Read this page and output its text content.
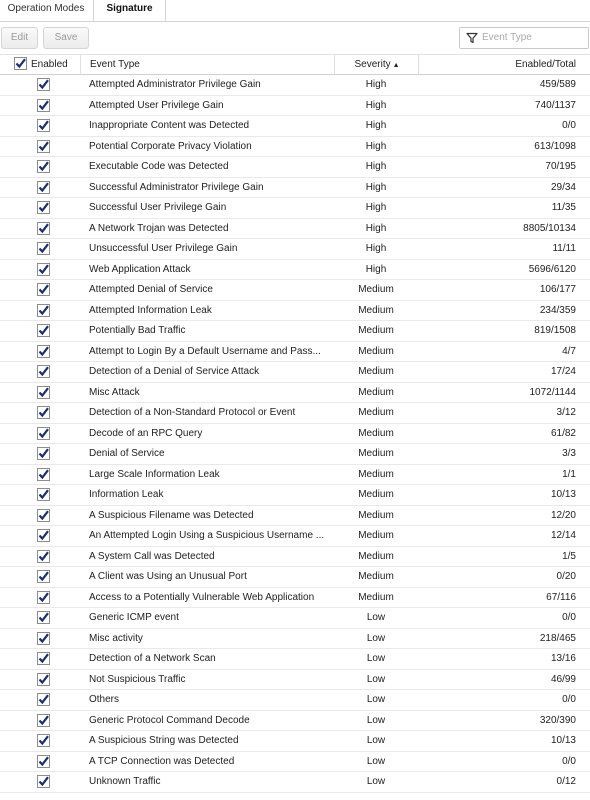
Operation Modes	Signature
Edit	Save
Event Type
Enabled	Event Type	Severity ▲	Enabled/Total
Attempted Administrator Privilege Gain	High	459/589
Attempted User Privilege Gain	High	740/1137
Inappropriate Content was Detected	High	0/0
Potential Corporate Privacy Violation	High	613/1098
Executable Code was Detected	High	70/195
Successful Administrator Privilege Gain	High	29/34
Successful User Privilege Gain	High	11/35
A Network Trojan was Detected	High	8805/10134
Unsuccessful User Privilege Gain	High	11/11
Web Application Attack	High	5696/6120
Attempted Denial of Service	Medium	106/177
Attempted Information Leak	Medium	234/359
Potentially Bad Traffic	Medium	819/1508
Attempt to Login By a Default Username and Pass...	Medium	4/7
Detection of a Denial of Service Attack	Medium	17/24
Misc Attack	Medium	1072/1144
Detection of a Non-Standard Protocol or Event	Medium	3/12
Decode of an RPC Query	Medium	61/82
Denial of Service	Medium	3/3
Large Scale Information Leak	Medium	1/1
Information Leak	Medium	10/13
A Suspicious Filename was Detected	Medium	12/20
An Attempted Login Using a Suspicious Username ...	Medium	12/14
A System Call was Detected	Medium	1/5
A Client was Using an Unusual Port	Medium	0/20
Access to a Potentially Vulnerable Web Application	Medium	67/116
Generic ICMP event	Low	0/0
Misc activity	Low	218/465
Detection of a Network Scan	Low	13/16
Not Suspicious Traffic	Low	46/99
Others	Low	0/0
Generic Protocol Command Decode	Low	320/390
A Suspicious String was Detected	Low	10/13
A TCP Connection was Detected	Low	0/0
Unknown Traffic	Low	0/12
